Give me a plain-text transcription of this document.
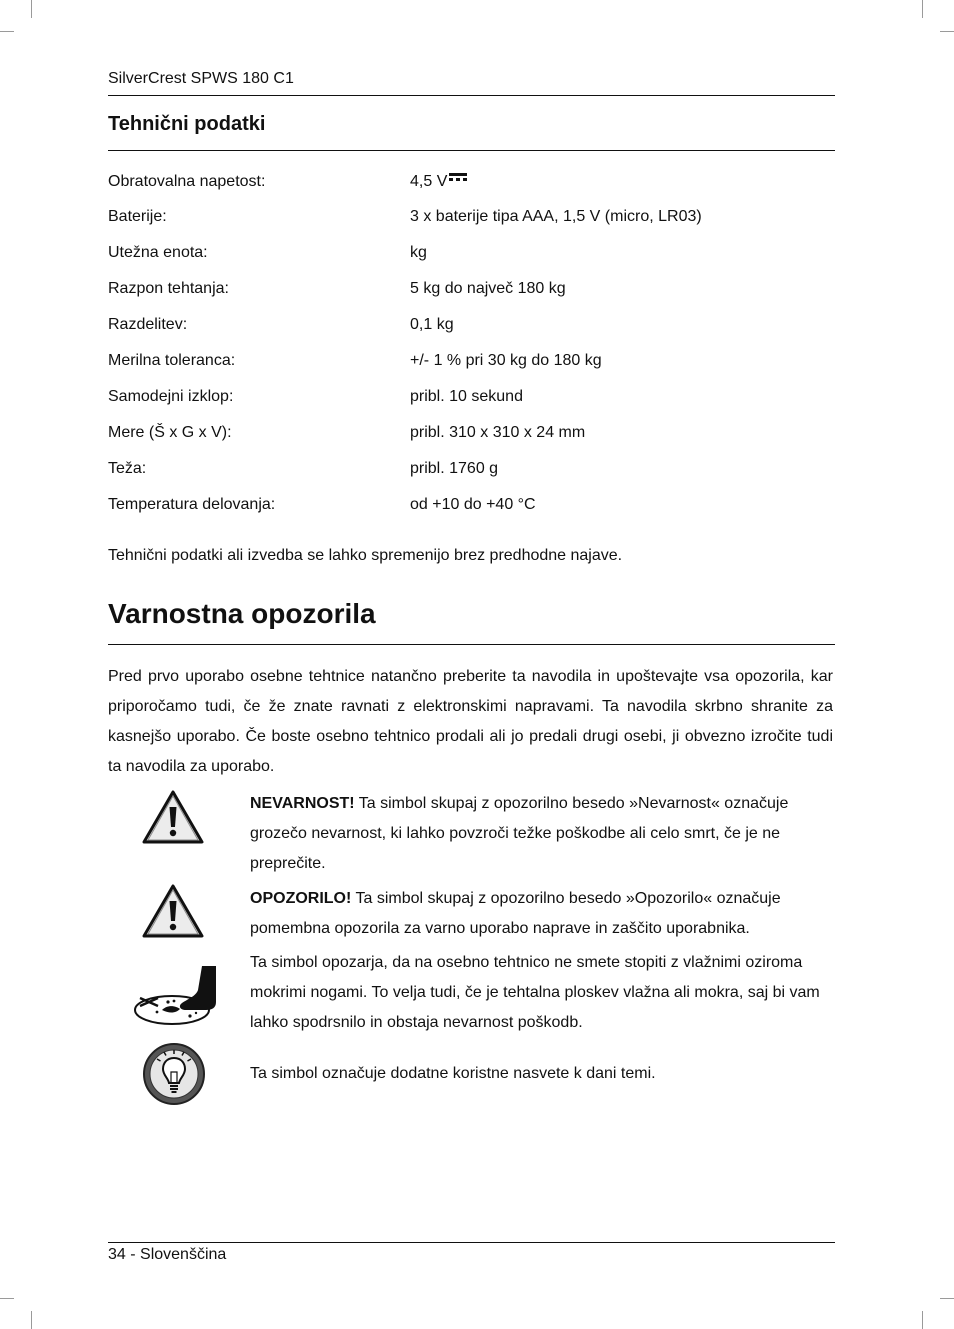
SilverCrest SPWS 180 C1
Tehnični podatki
Obratovalna napetost:	4,5 V
Baterije:	3 x baterije tipa AAA, 1,5 V (micro, LR03)
Utežna enota:	kg
Razpon tehtanja:	5 kg do največ 180 kg
Razdelitev:	0,1 kg
Merilna toleranca:	+/- 1 % pri 30 kg do 180 kg
Samodejni izklop:	pribl. 10 sekund
Mere (Š x G x V):	pribl. 310 x 310 x 24 mm
Teža:	pribl. 1760 g
Temperatura delovanja:	od +10 do +40 °C
Tehnični podatki ali izvedba se lahko spremenijo brez predhodne najave.
Varnostna opozorila

Pred prvo uporabo osebne tehtnice natančno preberite ta navodila in upoštevajte vsa opozorila, kar priporočamo tudi, če že znate ravnati z elektronskimi napravami. Ta navodila skrbno shranite za kasnejšo uporabo. Če boste osebno tehtnico prodali ali jo predali drugi osebi, ji obvezno izročite tudi ta navodila za uporabo.

NEVARNOST! Ta simbol skupaj z opozorilno besedo »Nevarnost« označuje grozečo nevarnost, ki lahko povzroči težke poškodbe ali celo smrt, če je ne preprečite.

OPOZORILO! Ta simbol skupaj z opozorilno besedo »Opozorilo« označuje pomembna opozorila za varno uporabo naprave in zaščito uporabnika.

Ta simbol opozarja, da na osebno tehtnico ne smete stopiti z vlažnimi oziroma mokrimi nogami. To velja tudi, če je tehtalna ploskev vlažna ali mokra, saj bi vam lahko spodrsnilo in obstaja nevarnost poškodb.

Ta simbol označuje dodatne koristne nasvete k dani temi.

34 - Slovenščina
